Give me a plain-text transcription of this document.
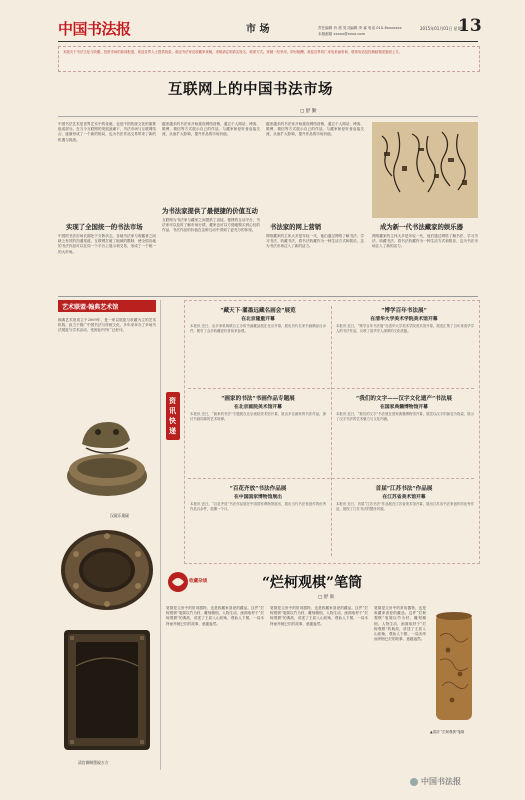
中国书法报	市 场	责任编辑 肖 晨 见习编辑 李 睿 电话 010-6xxxxxxx
本版邮箱 xxxxx@xxxx.com
2015年01月01日 星期四
13
本版关于书法文化与收藏、投资市场的新闻报道，欢迎各界人士提供线索，欢迎书法家及收藏家来稿，来稿请注明真实姓名、联系方式。来稿一经采用，即付稿酬。欢迎各界同仁来电来函垂询，联系电话及投稿邮箱见版面上方。
互联网上的中国书法市场
□ 舒 勤
中国书法艺术是世界艺术中的奇葩，也是中国传统文化的重要组成部分。在当今互联网的发展浪潮下，书法市场与互联网结合，逐渐形成了一个新的格局，也为书法作品交易带来了新的机遇与挑战。
实现了全国统一的书法市场
中国的书法市场长期处于分散状态，各地书法家与收藏者之间缺乏有效的沟通渠道。互联网打破了地域的限制，使全国各地的书法作品可以在同一个平台上展示和交易，形成了一个统一的大市场。
越来越多的书法家开始重视网络营销，通过个人网站、博客、微博、微信等方式展示自己的作品，与藏家和爱好者直接交流，从而扩大影响，提升作品的市场价值。
为书法家提供了最便捷的价值互动
互联网为书法家与藏家之间提供了直接、便捷的互动平台，书法家可以及时了解市场行情，藏家也可以方便地购买到心仪的作品，书法作品的价值在这种互动中得到了更充分的体现。
越来越多的书法家开始重视网络营销，通过个人网站、博客、微博、微信等方式展示自己的作品，与藏家和爱好者直接交流，从而扩大影响，提升作品的市场价值。
书法家的网上营销
网络藏家的主体大多是年轻一代，他们通过网络了解书法、学习书法、收藏书法，将书法收藏作为一种生活方式和娱乐，这为书法市场注入了新的活力。
成为新一代书法藏家的娱乐器
网络藏家的主体大多是年轻一代，他们通过网络了解书法、学习书法、收藏书法，将书法收藏作为一种生活方式和娱乐，这为书法市场注入了新的活力。
艺术联盟·翰典艺术馆
翰典艺术馆成立于2009年，是一家以展览与收藏为主的艺术机构，致力于推广中国书法与传统文化，多年来举办了多场书法展览与学术活动，受到业内外广泛好评。
汉砚乐巢砚
清宫御制墨砚五方
资讯快递
“藏天下·灌墨远藏名画会”展览
在北京隆重开幕
本报讯 近日，由多家机构联合主办的书画藏品展在北京开幕，展出历代名家书画精品百余件，吸引了众多收藏爱好者前来参观。
“博学百年书法展”
在清华大学美术学院美术馆开幕
本报讯 近日，“博学百年书法展”在清华大学美术学院美术馆开幕，展览汇集了百年来清华学人的书法作品，反映了清华学人深厚的文化底蕴。
“画家的书法”书画作品专题展
在北京画院美术馆开幕
本报讯 近日，“画家的书法”专题展在北京画院美术馆开幕，展出多位画家的书法作品，探讨书画同源的艺术规律。
“我们的文字——汉字文化遗产”书法展
在国家典籍博物馆开幕
本报讯 近日，“我们的文字”书法展在国家典籍博物馆开幕，展览以汉字的演变为线索，展示了汉字书法的艺术魅力与文化内涵。
“百花齐放”书法作品展
在中国国家博物馆展出
本报讯 近日，“百花齐放”书法作品展在中国国家博物馆展出，展出当代书法家创作的优秀作品百余件，展期一个月。
首届“江苏书法”作品展
在江苏省美术馆开幕
本报讯 近日，首届“江苏书法”作品展在江苏省美术馆开幕，展出江苏省书法家创作的优秀作品，展现了江苏书法的整体风貌。
收藏杂谈	“烂柯观棋”笔筒
□ 舒 耿
笔筒是文房中的常用器物，也是收藏家喜爱的藏品。这件“烂柯观棋”笔筒以竹为材，雕刻精细，人物生动，画面取材于“烂柯观棋”的典故，讲述了王质入山砍柴，观仙人下棋，一局未终而斧柄已烂的故事，意趣盎然。
笔筒是文房中的常用器物，也是收藏家喜爱的藏品。这件“烂柯观棋”笔筒以竹为材，雕刻精细，人物生动，画面取材于“烂柯观棋”的典故，讲述了王质入山砍柴，观仙人下棋，一局未终而斧柄已烂的故事，意趣盎然。
笔筒是文房中的常用器物，也是收藏家喜爱的藏品。这件“烂柯观棋”笔筒以竹为材，雕刻精细，人物生动，画面取材于“烂柯观棋”的典故，讲述了王质入山砍柴，观仙人下棋，一局未终而斧柄已烂的故事，意趣盎然。
▲清初 “烂柯观棋”笔筒
中国书法报
